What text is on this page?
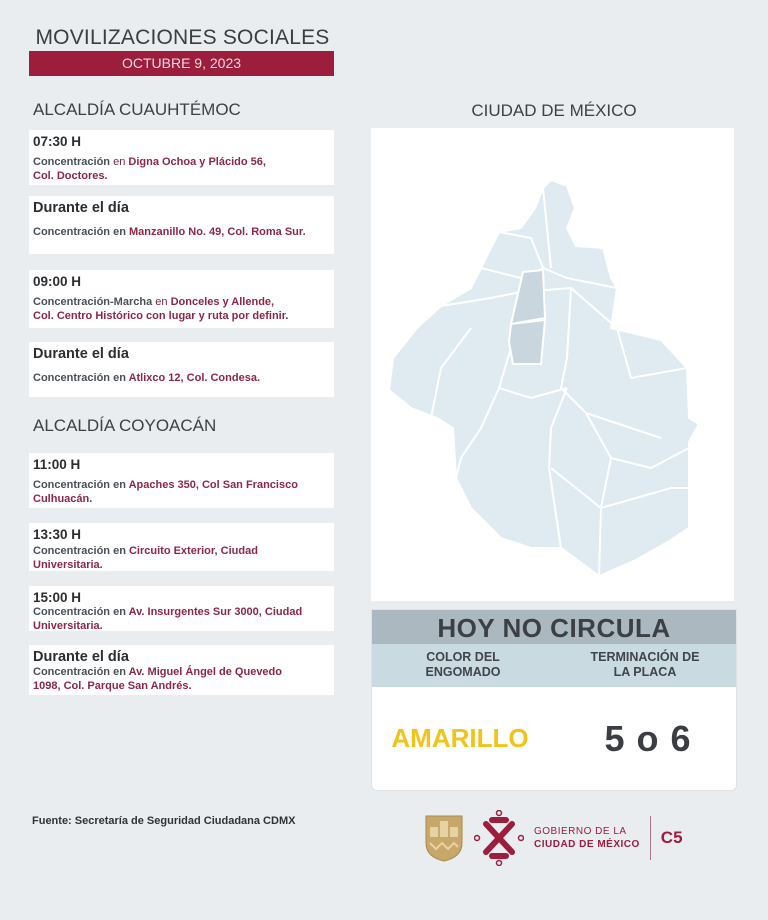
MOVILIZACIONES SOCIALES
OCTUBRE 9, 2023
ALCALDÍA CUAUHTÉMOC
07:30 H
Concentración en Digna Ochoa y Plácido 56,
Col. Doctores.
Durante el día
Concentración en Manzanillo No. 49, Col. Roma Sur.
09:00 H
Concentración-Marcha en Donceles y Allende,
Col. Centro Histórico con lugar y ruta por definir.
Durante el día
Concentración en Atlixco 12, Col. Condesa.
ALCALDÍA COYOACÁN
11:00 H
Concentración en Apaches 350, Col San Francisco
Culhuacán.
13:30 H
Concentración en Circuito Exterior, Ciudad
Universitaria.
15:00 H
Concentración en Av. Insurgentes Sur 3000, Ciudad
Universitaria.
Durante el día
Concentración en Av. Miguel Ángel de Quevedo
1098, Col. Parque San Andrés.
CIUDAD DE MÉXICO
HOY NO CIRCULA
COLOR DEL
ENGOMADO
TERMINACIÓN DE
LA PLACA
AMARILLO	5 o 6
Fuente: Secretaría de Seguridad Ciudadana CDMX
GOBIERNO DE LA
CIUDAD DE MÉXICO C5
